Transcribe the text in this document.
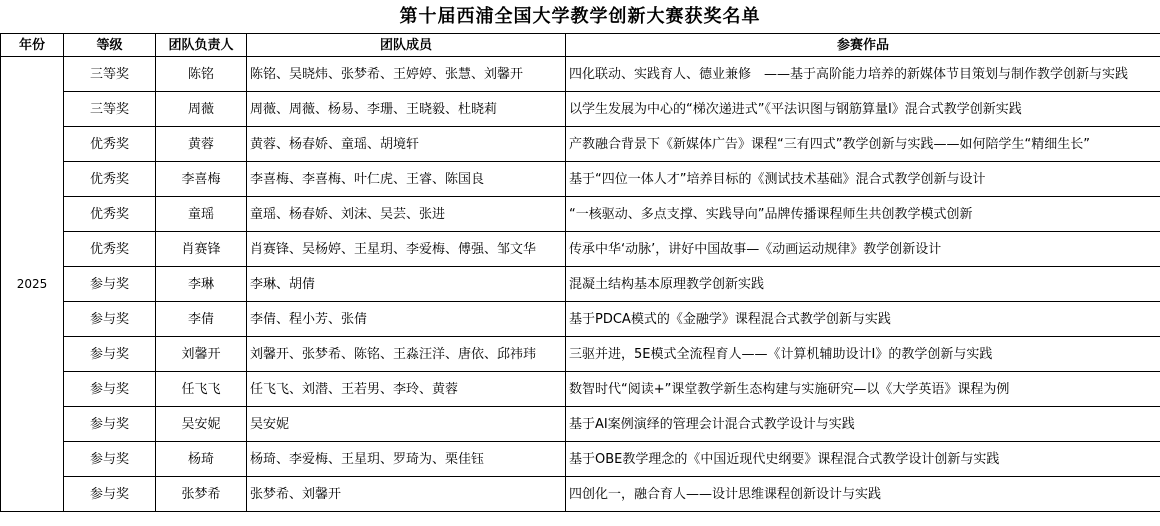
第十届西浦全国大学教学创新大赛获奖名单
年份	等级	团队负责人	团队成员	参赛作品
2025	三等奖	陈铭	陈铭、吴晓炜、张梦希、王婷婷、张慧、刘馨开	四化联动、实践育人、德业兼修　——基于高阶能力培养的新媒体节目策划与制作教学创新与实践
	三等奖	周薇	周薇、周薇、杨易、李珊、王晓毅、杜晓莉	以学生发展为中心的“梯次递进式”《平法识图与钢筋算量Ⅰ》混合式教学创新实践
	优秀奖	黄蓉	黄蓉、杨春娇、童瑶、胡境轩	产教融合背景下《新媒体广告》课程“三有四式”教学创新与实践——如何陪学生“精细生长”
	优秀奖	李喜梅	李喜梅、李喜梅、叶仁虎、王睿、陈国良	基于“四位一体人才”培养目标的《测试技术基础》混合式教学创新与设计
	优秀奖	童瑶	童瑶、杨春娇、刘沫、吴芸、张进	“一核驱动、多点支撑、实践导向”品牌传播课程师生共创教学模式创新
	优秀奖	肖赛锋	肖赛锋、吴杨婷、王星玥、李爱梅、傅强、邹文华	传承中华‘动脉’，讲好中国故事—《动画运动规律》教学创新设计
	参与奖	李琳	李琳、胡倩	混凝土结构基本原理教学创新实践
	参与奖	李倩	李倩、程小芳、张倩	基于PDCA模式的《金融学》课程混合式教学创新与实践
	参与奖	刘馨开	刘馨开、张梦希、陈铭、王淼汪洋、唐依、邱祎玮	三驱并进，5E模式全流程育人——《计算机辅助设计I》的教学创新与实践
	参与奖	任飞飞	任飞飞、刘潜、王若男、李玲、黄蓉	数智时代“阅读+”课堂教学新生态构建与实施研究—以《大学英语》课程为例
	参与奖	吴安妮	吴安妮	基于AI案例演绎的管理会计混合式教学设计与实践
	参与奖	杨琦	杨琦、李爱梅、王星玥、罗琦为、栗佳钰	基于OBE教学理念的《中国近现代史纲要》课程混合式教学设计创新与实践
	参与奖	张梦希	张梦希、刘馨开	四创化一，融合育人——设计思维课程创新设计与实践
